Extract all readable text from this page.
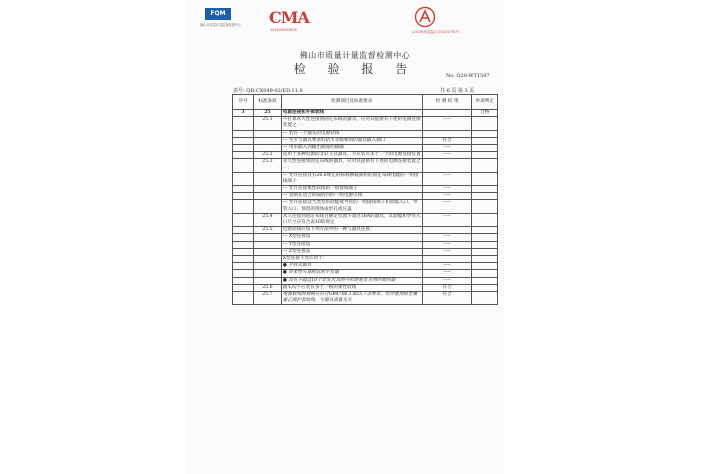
FQM
佛山市质量计量监督检测中心 CMA
201819092836	(2019)粤质监认字(Q0275)号
佛山市质量计量监督检测中心
检 验 报 告	No. Q20-WT1597
表号: QR-CX049-02/ED.11.0	共 6 页 第 3 页
序号	标准条款	检测项目及标准要求	检 测 结 果	单项判定
3	25	电源连接和外部软线		合格
	25.1	不打算永久性连接到固定布线的器具，应对其提供有下述的电源连接装置之一：	-----	
		— 装有一个插头的电源软线		
		— 至少与器具要求的防水等级相同的器具输入插口	符合	
		— 用来插入到输出插座的插脚	-----	
	25.2	适用于多种电源的非驻立式器具，不应装有多于一个的电源连接装置	-----	
	25.3	永久性连接到固定布线的器具，应对其提供有下述的电源连接装置之一：		
		— 允许连接具有26.6规定的标称横截面积的固定布线电缆的一组接线端子	-----	
		— 允许连接柔性软线的一组接线端子	-----	
		— 容纳在适合的隔间内的一组电源引线	-----	
		— 允许连接适当类型的软缆或导管的一组接线端子和软缆入口、导管入口、预留的现场成形孔或压盖	-----	
	25.4	永久连接到固定布线且额定电流不超过16A的器具，其软缆和导管入口尺寸应符合表10的规定	-----	
	25.5	电源软线应按下列方法中的一种与器具连接：		
		— X型连接法	-----	
		— Y型连接法	-----	
		— Z型连接法	-----	
		X型连接不允许用于：		
		● 手持式器具	-----	
		● 带柔性头罩附近的手发器	-----	
		● 具有不超过10个非发火具的可折卸卷发夹用的加热器	-----	
	25.6	插头均不应装有多于一根的柔性软线	符合	
	25.7	电源软线的规格应符合GB4706.1第25.7条要求，允许使用轻型聚氯乙烯护套软线，与器具质量无关	符合	
